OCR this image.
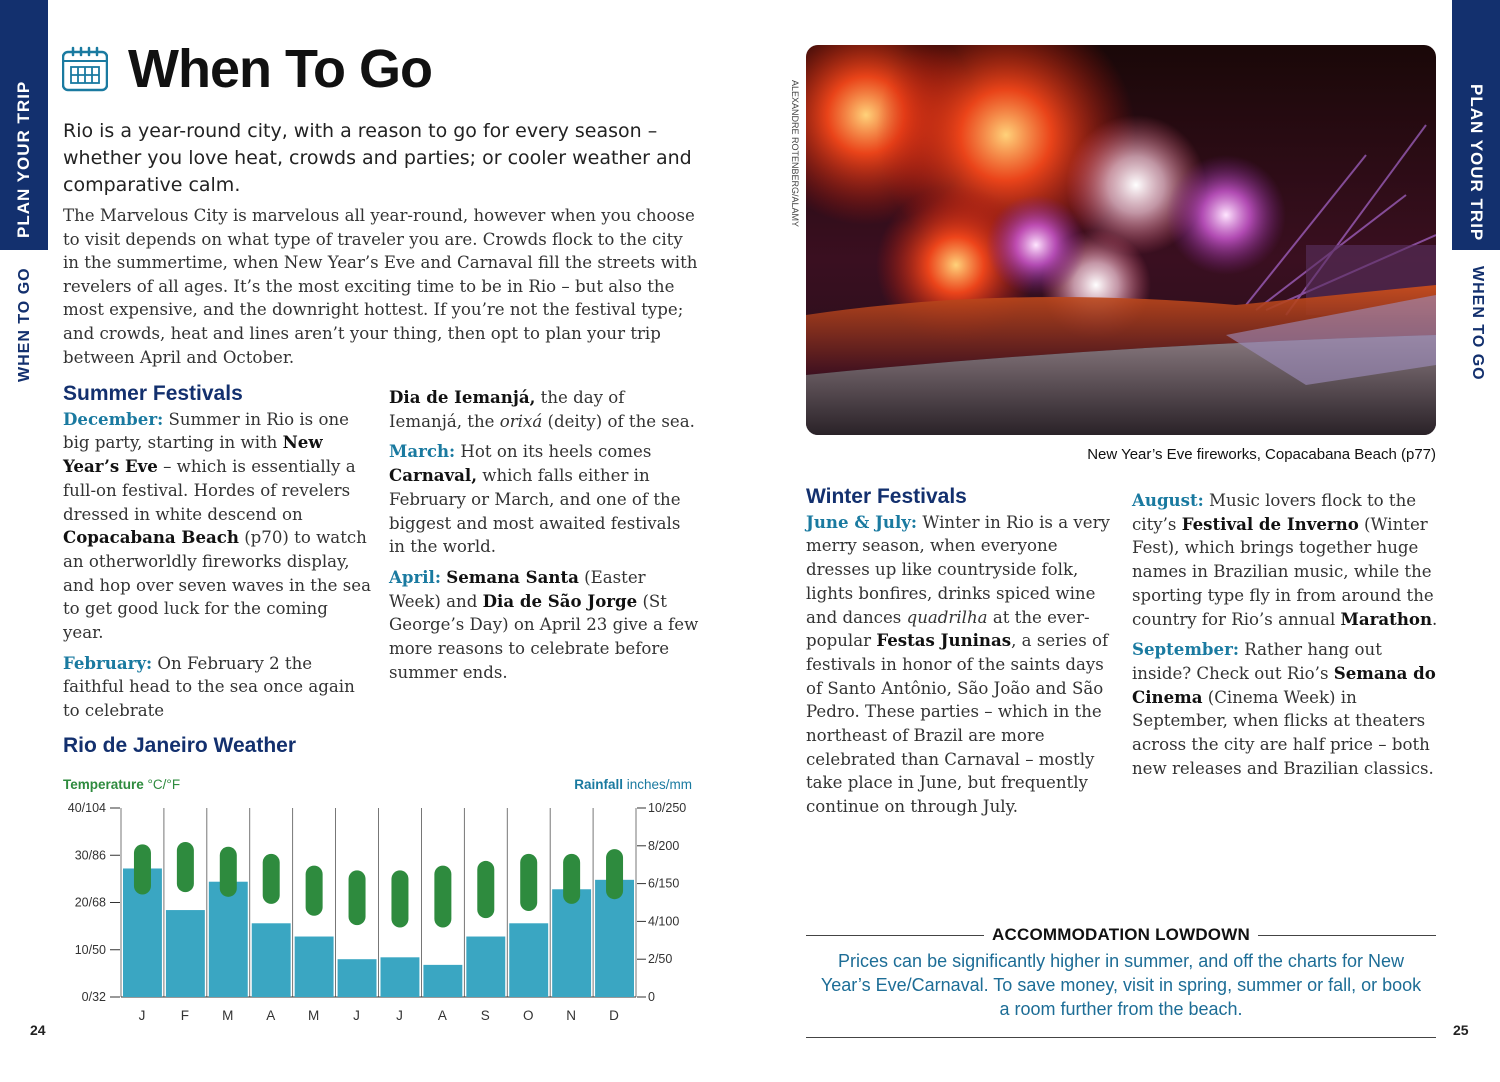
PLAN YOUR TRIP
WHEN TO GO
PLAN YOUR TRIP
WHEN TO GO
24	25
When To Go

Rio is a year-round city, with a reason to go for every season – whether you love heat, crowds and parties; or cooler weather and comparative calm.

The Marvelous City is marvelous all year-round, however when you choose to visit depends on what type of traveler you are. Crowds flock to the city in the summertime, when New Year’s Eve and Carnaval fill the streets with revelers of all ages. It’s the most exciting time to be in Rio – but also the most expensive, and the downright hottest. If you’re not the festival type; and crowds, heat and lines aren’t your thing, then opt to plan your trip between April and October.

Summer Festivals

December: Summer in Rio is one big party, starting in with New Year’s Eve – which is essentially a full-on festival. Hordes of revelers dressed in white descend on Copacabana Beach (p70) to watch an otherworldly fireworks display, and hop over seven waves in the sea to get good luck for the coming year.

February: On February 2 the faithful head to the sea once again to celebrate

Dia de Iemanjá, the day of Iemanjá, the orixá (deity) of the sea.

March: Hot on its heels comes Carnaval, which falls either in February or March, and one of the biggest and most awaited festivals in the world.

April: Semana Santa (Easter Week) and Dia de São Jorge (St George’s Day) on April 23 give a few more reasons to celebrate before summer ends.

Rio de Janeiro Weather
Temperature °C/°F	Rainfall inches/mm
0/32
10/50
20/68
30/86
40/104
0
2/50
4/100
6/150
8/200
10/250
J	F M A M J	J	A S O N D
ALEXANDRE ROTENBERG/ALAMY
New Year’s Eve fireworks, Copacabana Beach (p77)
Winter Festivals

June & July: Winter in Rio is a very merry season, when everyone dresses up like countryside folk, lights bonfires, drinks spiced wine and dances quadrilha at the ever-popular Festas Juninas, a series of festivals in honor of the saints days of Santo Antônio, São João and São Pedro. These parties – which in the northeast of Brazil are more celebrated than Carnaval – mostly take place in June, but frequently continue on through July.

August: Music lovers flock to the city’s Festival de Inverno (Winter Fest), which brings together huge names in Brazilian music, while the sporting type fly in from around the country for Rio’s annual Marathon.

September: Rather hang out inside? Check out Rio’s Semana do Cinema (Cinema Week) in September, when flicks at theaters across the city are half price – both new releases and Brazilian classics.

ACCOMMODATION LOWDOWN

Prices can be significantly higher in summer, and off the charts for New Year’s Eve/Carnaval. To save money, visit in spring, summer or fall, or book a room further from the beach.
